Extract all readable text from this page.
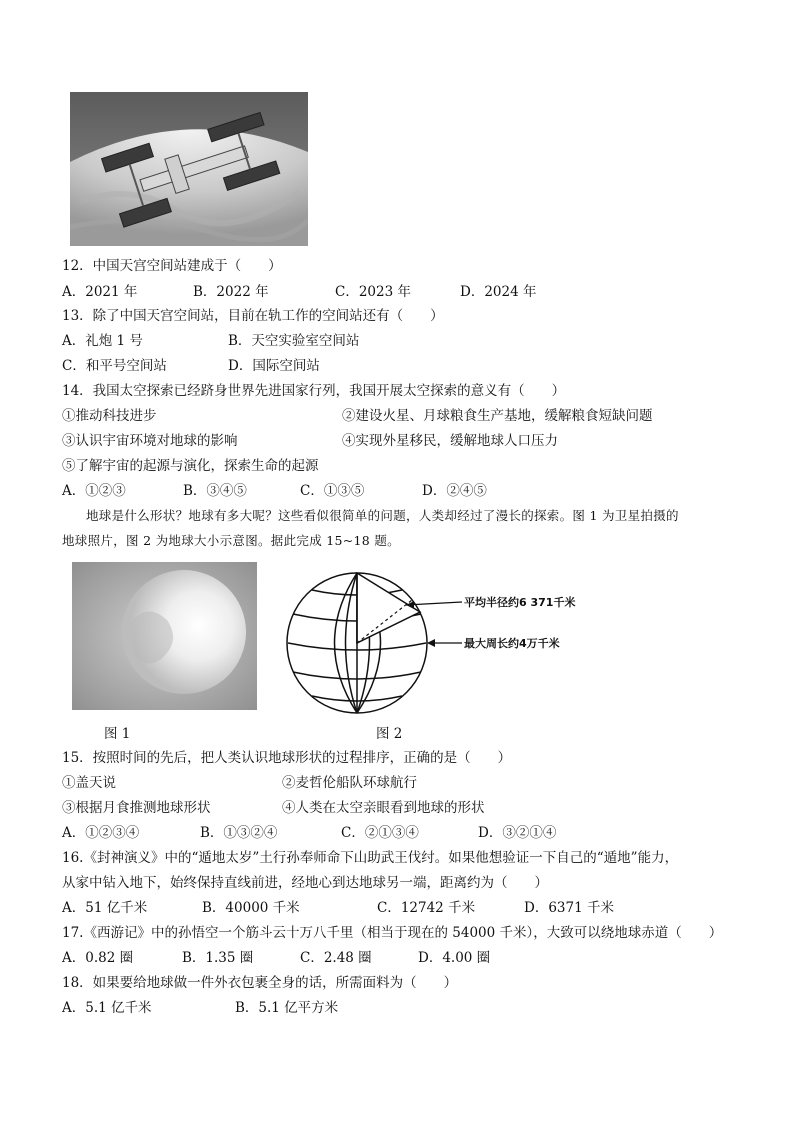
12．中国天宫空间站建成于（　　）
A．2021 年	B．2022 年	C．2023 年	D．2024 年
13．除了中国天宫空间站，目前在轨工作的空间站还有（　　）
A．礼炮 1 号	B．天空实验室空间站
C．和平号空间站	D．国际空间站
14．我国太空探索已经跻身世界先进国家行列，我国开展太空探索的意义有（　　）
①推动科技进步	②建设火星、月球粮食生产基地，缓解粮食短缺问题
③认识宇宙环境对地球的影响	④实现外星移民，缓解地球人口压力
⑤了解宇宙的起源与演化，探索生命的起源
A．①②③	B．③④⑤	C．①③⑤	D．②④⑤
地球是什么形状？地球有多大呢？这些看似很简单的问题，人类却经过了漫长的探索。图 1 为卫星拍摄的
地球照片，图 2 为地球大小示意图。据此完成 15~18 题。
图 1
平均半径约6 371千米
最大周长约4万千米
图 2
15．按照时间的先后，把人类认识地球形状的过程排序，正确的是（　　）
①盖天说	②麦哲伦船队环球航行
③根据月食推测地球形状	④人类在太空亲眼看到地球的形状
A．①②③④	B．①③②④	C．②①③④	D．③②①④
16.《封神演义》中的“遁地太岁”土行孙奉师命下山助武王伐纣。如果他想验证一下自己的“遁地”能力，
从家中钻入地下，始终保持直线前进，经地心到达地球另一端，距离约为（　　）
A．51 亿千米	B．40000 千米	C．12742 千米	D．6371 千米
17.《西游记》中的孙悟空一个筋斗云十万八千里（相当于现在的 54000 千米），大致可以绕地球赤道（　　）
A．0.82 圈	B．1.35 圈	C．2.48 圈	D．4.00 圈
18．如果要给地球做一件外衣包裹全身的话，所需面料为（　　）
A．5.1 亿千米	B．5.1 亿平方米
